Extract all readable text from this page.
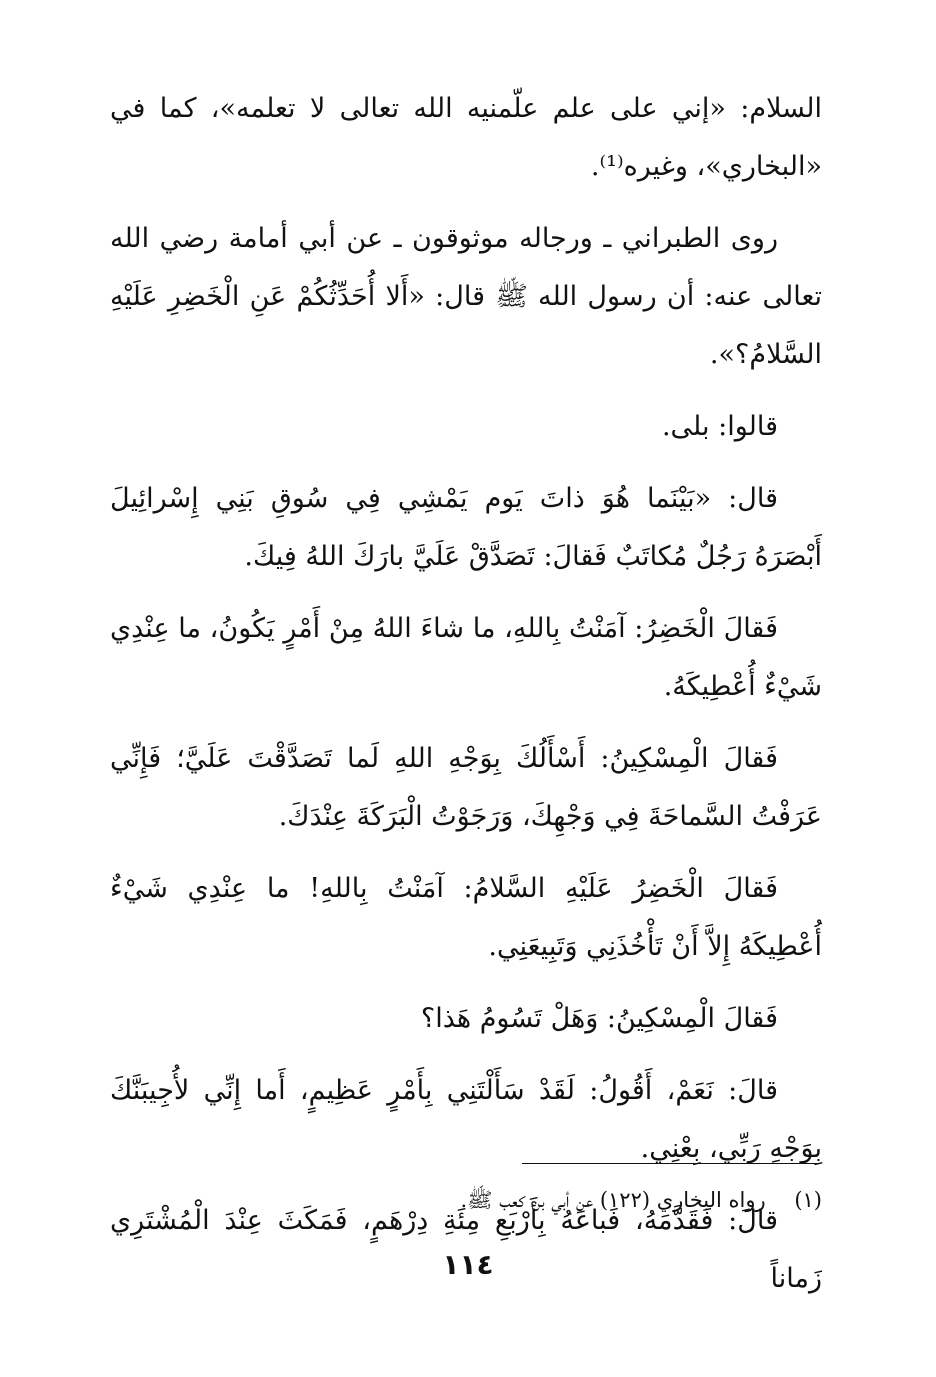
السلام: «إني على علم علّمنيه الله تعالى لا تعلمه»، كما في «البخاري»، وغيره⁽¹⁾.

روى الطبراني ـ ورجاله موثوقون ـ عن أبي أمامة رضي الله تعالى عنه: أن رسول الله ﷺ قال: «أَلا أُحَدِّثُكُمْ عَنِ الْخَضِرِ عَلَيْهِ السَّلامُ؟».

قالوا: بلى.

قال: «بَيْنَما هُوَ ذاتَ يَوم يَمْشِي فِي سُوقِ بَنِي إِسْرائِيلَ أَبْصَرَهُ رَجُلٌ مُكاتَبٌ فَقالَ: تَصَدَّقْ عَلَيَّ بارَكَ اللهُ فِيكَ.

فَقالَ الْخَضِرُ: آمَنْتُ بِاللهِ، ما شاءَ اللهُ مِنْ أَمْرٍ يَكُونُ، ما عِنْدِي شَيْءٌ أُعْطِيكَهُ.

فَقالَ الْمِسْكِينُ: أَسْأَلُكَ بِوَجْهِ اللهِ لَما تَصَدَّقْتَ عَلَيَّ؛ فَإِنِّي عَرَفْتُ السَّماحَةَ فِي وَجْهِكَ، وَرَجَوْتُ الْبَرَكَةَ عِنْدَكَ.

فَقالَ الْخَضِرُ عَلَيْهِ السَّلامُ: آمَنْتُ بِاللهِ! ما عِنْدِي شَيْءٌ أُعْطِيكَهُ إِلاَّ أَنْ تَأْخُذَنِي وَتَبِيعَنِي.

فَقالَ الْمِسْكِينُ: وَهَلْ تَسُومُ هَذا؟

قالَ: نَعَمْ، أَقُولُ: لَقَدْ سَأَلْتَنِي بِأَمْرٍ عَظِيمٍ، أَما إِنِّي لأُجِيبَنَّكَ بِوَجْهِ رَبِّي، بِعْنِي.

قالَ: فَقَدَّمَهُ، فَباعَهُ بِأَرْبَعِ مِئَةِ دِرْهَمٍ، فَمَكَثَ عِنْدَ الْمُشْتَرِي زَماناً

(١) رواه البخاري (١٢٢) عن أبي بن كعب ﷺ.
١١٤
